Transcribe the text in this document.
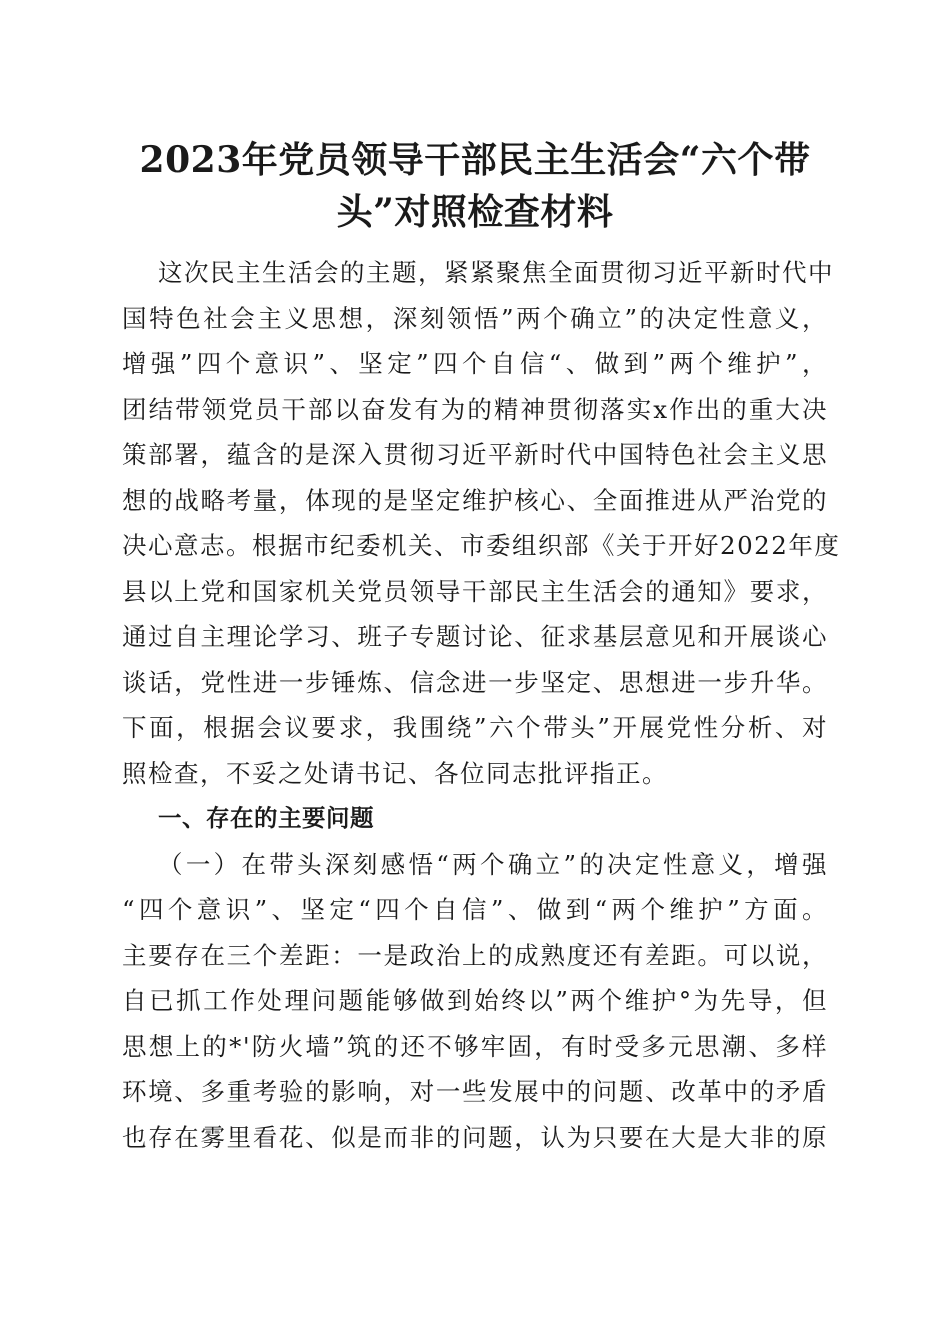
2023年党员领导干部民主生活会“六个带
头”对照检查材料
这次民主生活会的主题，紧紧聚焦全面贯彻习近平新时代中
国特色社会主义思想，深刻领悟”两个确立”的决定性意义，
增强”四个意识”、坚定”四个自信“、做到”两个维护”，
团结带领党员干部以奋发有为的精神贯彻落实x作出的重大决
策部署，蕴含的是深入贯彻习近平新时代中国特色社会主义思
想的战略考量，体现的是坚定维护核心、全面推进从严治党的
决心意志。根据市纪委机关、市委组织部《关于开好2022年度
县以上党和国家机关党员领导干部民主生活会的通知》要求，
通过自主理论学习、班子专题讨论、征求基层意见和开展谈心
谈话，党性进一步锤炼、信念进一步坚定、思想进一步升华。
下面，根据会议要求，我围绕”六个带头”开展党性分析、对
照检查，不妥之处请书记、各位同志批评指正。
一、存在的主要问题
（一）在带头深刻感悟“两个确立”的决定性意义，增强
“四个意识”、坚定“四个自信”、做到“两个维护”方面。
主要存在三个差距：一是政治上的成熟度还有差距。可以说，
自已抓工作处理问题能够做到始终以”两个维护°为先导，但
思想上的*'防火墙”筑的还不够牢固，有时受多元思潮、多样
环境、多重考验的影响，对一些发展中的问题、改革中的矛盾
也存在雾里看花、似是而非的问题，认为只要在大是大非的原
